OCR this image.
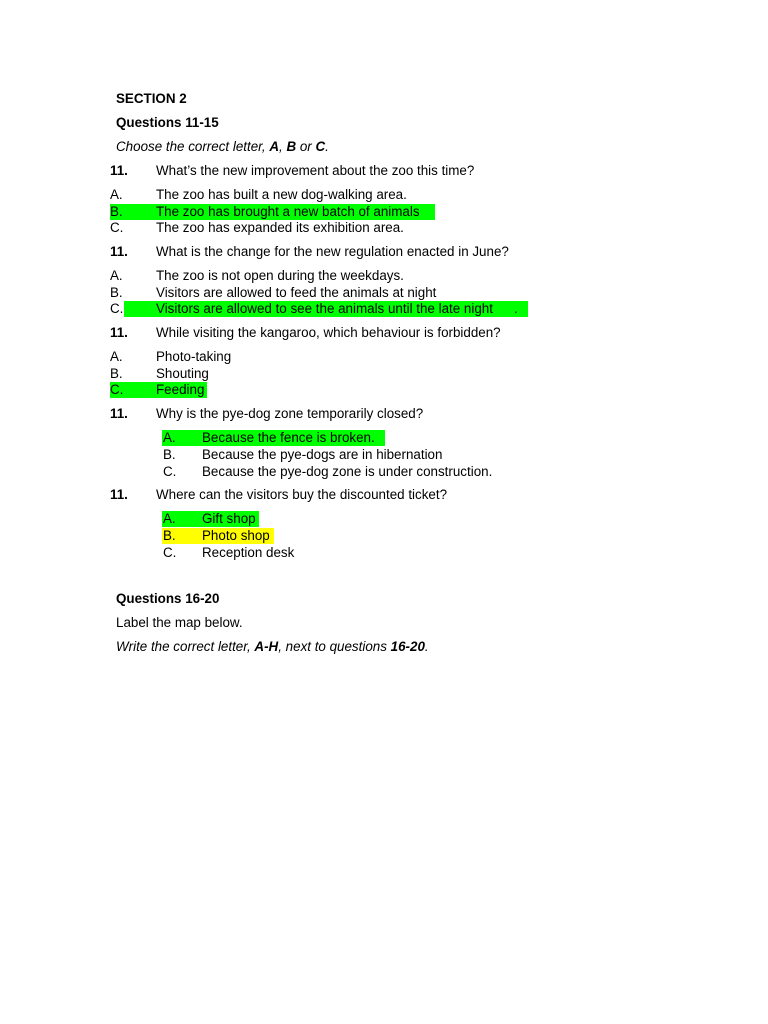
SECTION 2
Questions 11-15
Choose the correct letter, A, B or C.
11. What’s the new improvement about the zoo this time?
A. The zoo has built a new dog-walking area.
B. The zoo has brought a new batch of animals
C. The zoo has expanded its exhibition area.
11. What is the change for the new regulation enacted in June?
A. The zoo is not open during the weekdays.
B. Visitors are allowed to feed the animals at night
C.	Visitors are allowed to see the animals until the late night	.
11. While visiting the kangaroo, which behaviour is forbidden?
A. Photo-taking
B. Shouting
C. Feeding
11. Why is the pye-dog zone temporarily closed?
A. Because the fence is broken.
B. Because the pye-dogs are in hibernation
C. Because the pye-dog zone is under construction.
11. Where can the visitors buy the discounted ticket?
A. Gift shop
B. Photo shop
C. Reception desk
Questions 16-20
Label the map below.
Write the correct letter, A-H, next to questions 16-20.
